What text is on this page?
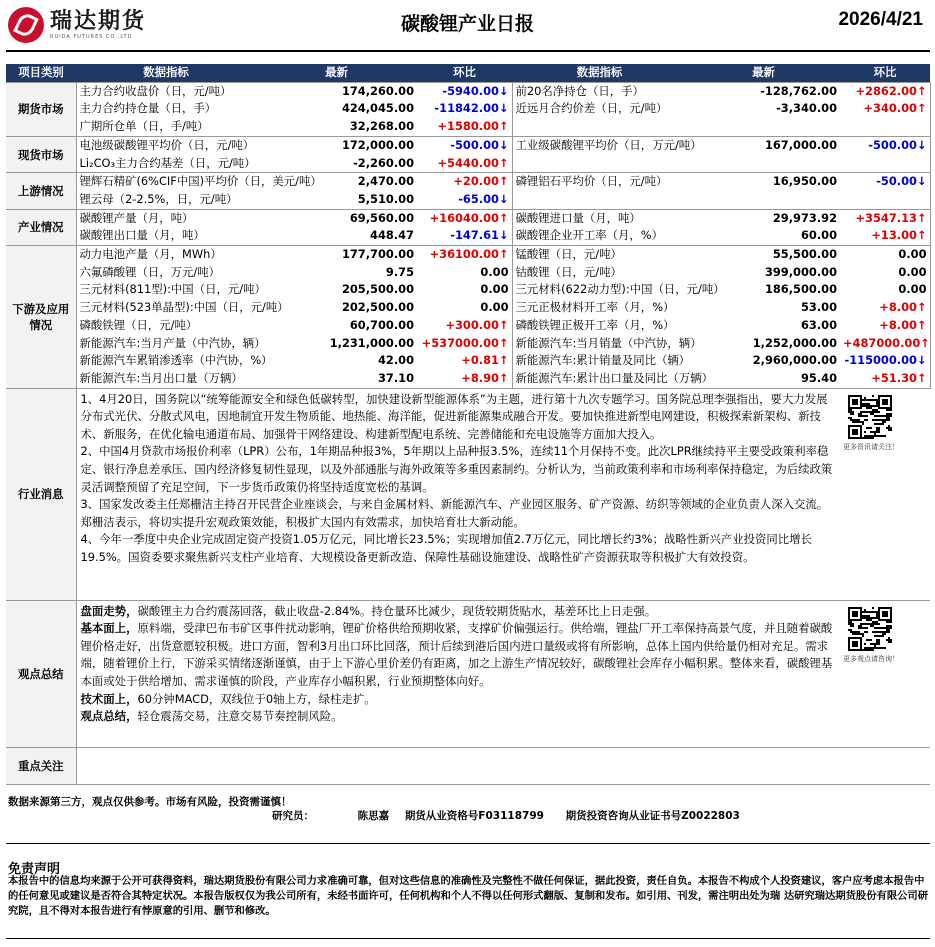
瑞达期货
RUIDA FUTURES CO.,LTD.
碳酸锂产业日报	2026/4/21
项目类别	数据指标	最新	环比	数据指标	最新	环比
期货市场	主力合约收盘价（日，元/吨）	174,260.00	-5940.00↓	前20名净持仓（日，手）	-128,762.00	+2862.00↑
	主力合约持仓量（日，手）	424,045.00	-11842.00↓	近远月合约价差（日，元/吨）	-3,340.00	+340.00↑
	广期所仓单（日，手/吨）	32,268.00	+1580.00↑			
现货市场	电池级碳酸锂平均价（日，元/吨）	172,000.00	-500.00↓	工业级碳酸锂平均价（日，万元/吨）	167,000.00	-500.00↓
	Li₂CO₃主力合约基差（日，元/吨）	-2,260.00	+5440.00↑			
上游情况	锂辉石精矿(6%CIF中国)平均价（日，美元/吨）	2,470.00	+20.00↑	磷锂铝石平均价（日，元/吨）	16,950.00	-50.00↓
	锂云母（2-2.5%，日，元/吨）	5,510.00	-65.00↓			
产业情况	碳酸锂产量（月，吨）	69,560.00	+16040.00↑	碳酸锂进口量（月，吨）	29,973.92	+3547.13↑
	碳酸锂出口量（月，吨）	448.47	-147.61↓	碳酸锂企业开工率（月，%）	60.00	+13.00↑
下游及应用情况	动力电池产量（月，MWh）	177,700.00	+36100.00↑	锰酸锂（日，元/吨）	55,500.00	0.00
	六氟磷酸锂（日，万元/吨）	9.75	0.00	钴酸锂（日，元/吨）	399,000.00	0.00
	三元材料(811型):中国（日，元/吨）	205,500.00	0.00	三元材料(622动力型):中国（日，元/吨）	186,500.00	0.00
	三元材料(523单晶型):中国（日，元/吨）	202,500.00	0.00	三元正极材料开工率（月，%）	53.00	+8.00↑
	磷酸铁锂（日，元/吨）	60,700.00	+300.00↑	磷酸铁锂正极开工率（月，%）	63.00	+8.00↑
	新能源汽车:当月产量（中汽协，辆）	1,231,000.00	+537000.00↑	新能源汽车:当月销量（中汽协，辆）	1,252,000.00	+487000.00↑
	新能源汽车累销渗透率（中汽协，%）	42.00	+0.81↑	新能源汽车:累计销量及同比（辆）	2,960,000.00	-115000.00↓
	新能源汽车:当月出口量（万辆）	37.10	+8.90↑	新能源汽车:累计出口量及同比（万辆）	95.40	+51.30↑
行业消息	1、4月20日，国务院以“统筹能源安全和绿色低碳转型，加快建设新型能源体系”为主题，进行第十九次专题学习。国务院总理李强指出，要大力发展分布式光伏、分散式风电，因地制宜开发生物质能、地热能、海洋能，促进新能源集成融合开发。要加快推进新型电网建设，积极探索新架构、新技术、新服务，在优化输电通道布局、加强骨干网络建设、构建新型配电系统、完善储能和充电设施等方面加大投入。

2、中国4月贷款市场报价利率（LPR）公布，1年期品种报3%，5年期以上品种报3.5%，连续11个月保持不变。此次LPR继续持平主要受政策利率稳定、银行净息差承压、国内经济修复韧性显现，以及外部通胀与海外政策等多重因素制约。分析认为，当前政策利率和市场利率保持稳定，为后续政策灵活调整预留了充足空间，下一步货币政策仍将坚持适度宽松的基调。

3、国家发改委主任郑栅洁主持召开民营企业座谈会，与来自金属材料、新能源汽车、产业园区服务、矿产资源、纺织等领域的企业负责人深入交流。郑栅洁表示，将切实提升宏观政策效能，积极扩大国内有效需求，加快培育壮大新动能。

4、今年一季度中央企业完成固定资产投资1.05万亿元，同比增长23.5%；实现增加值2.7万亿元，同比增长约3%；战略性新兴产业投资同比增长19.5%。国资委要求聚焦新兴支柱产业培育、大规模设备更新改造、保障性基础设施建设、战略性矿产资源获取等积极扩大有效投资。					更多资讯请关注！

观点总结	盘面走势，碳酸锂主力合约震荡回落，截止收盘-2.84%。持仓量环比减少，现货较期货贴水，基差环比上日走强。

基本面上，原料端，受津巴布韦矿区事件扰动影响，锂矿价格供给预期收紧，支撑矿价偏强运行。供给端，锂盐厂开工率保持高景气度，并且随着碳酸锂价格走好，出货意愿较积极。进口方面，智利3月出口环比回落，预计后续到港后国内进口量级或将有所影响，总体上国内供给量仍相对充足。需求端，随着锂价上行，下游采买情绪逐渐谨慎，由于上下游心里价差仍有距离，加之上游生产情况较好，碳酸锂社会库存小幅积累。整体来看，碳酸锂基本面或处于供给增加、需求谨慎的阶段，产业库存小幅积累，行业预期整体向好。

技术面上，60分钟MACD，双线位于0轴上方，绿柱走扩。

观点总结，轻仓震荡交易，注意交易节奏控制风险。					更多观点请咨询！

重点关注						
数据来源第三方，观点仅供参考。市场有风险，投资需谨慎！
研究员：	陈思嘉 期货从业资格号F03118799 期货投资咨询从业证书号Z0022803
免责声明
本报告中的信息均来源于公开可获得资料，瑞达期货股份有限公司力求准确可靠，但对这些信息的准确性及完整性不做任何保证，据此投资，责任自负。本报告不构成个人投资建议，客户应考虑本报告中的任何意见或建议是否符合其特定状况。本报告版权仅为我公司所有，未经书面许可，任何机构和个人不得以任何形式翻版、复制和发布。如引用、刊发，需注明出处为瑞 达研究瑞达期货股份有限公司研究院，且不得对本报告进行有悖原意的引用、删节和修改。
